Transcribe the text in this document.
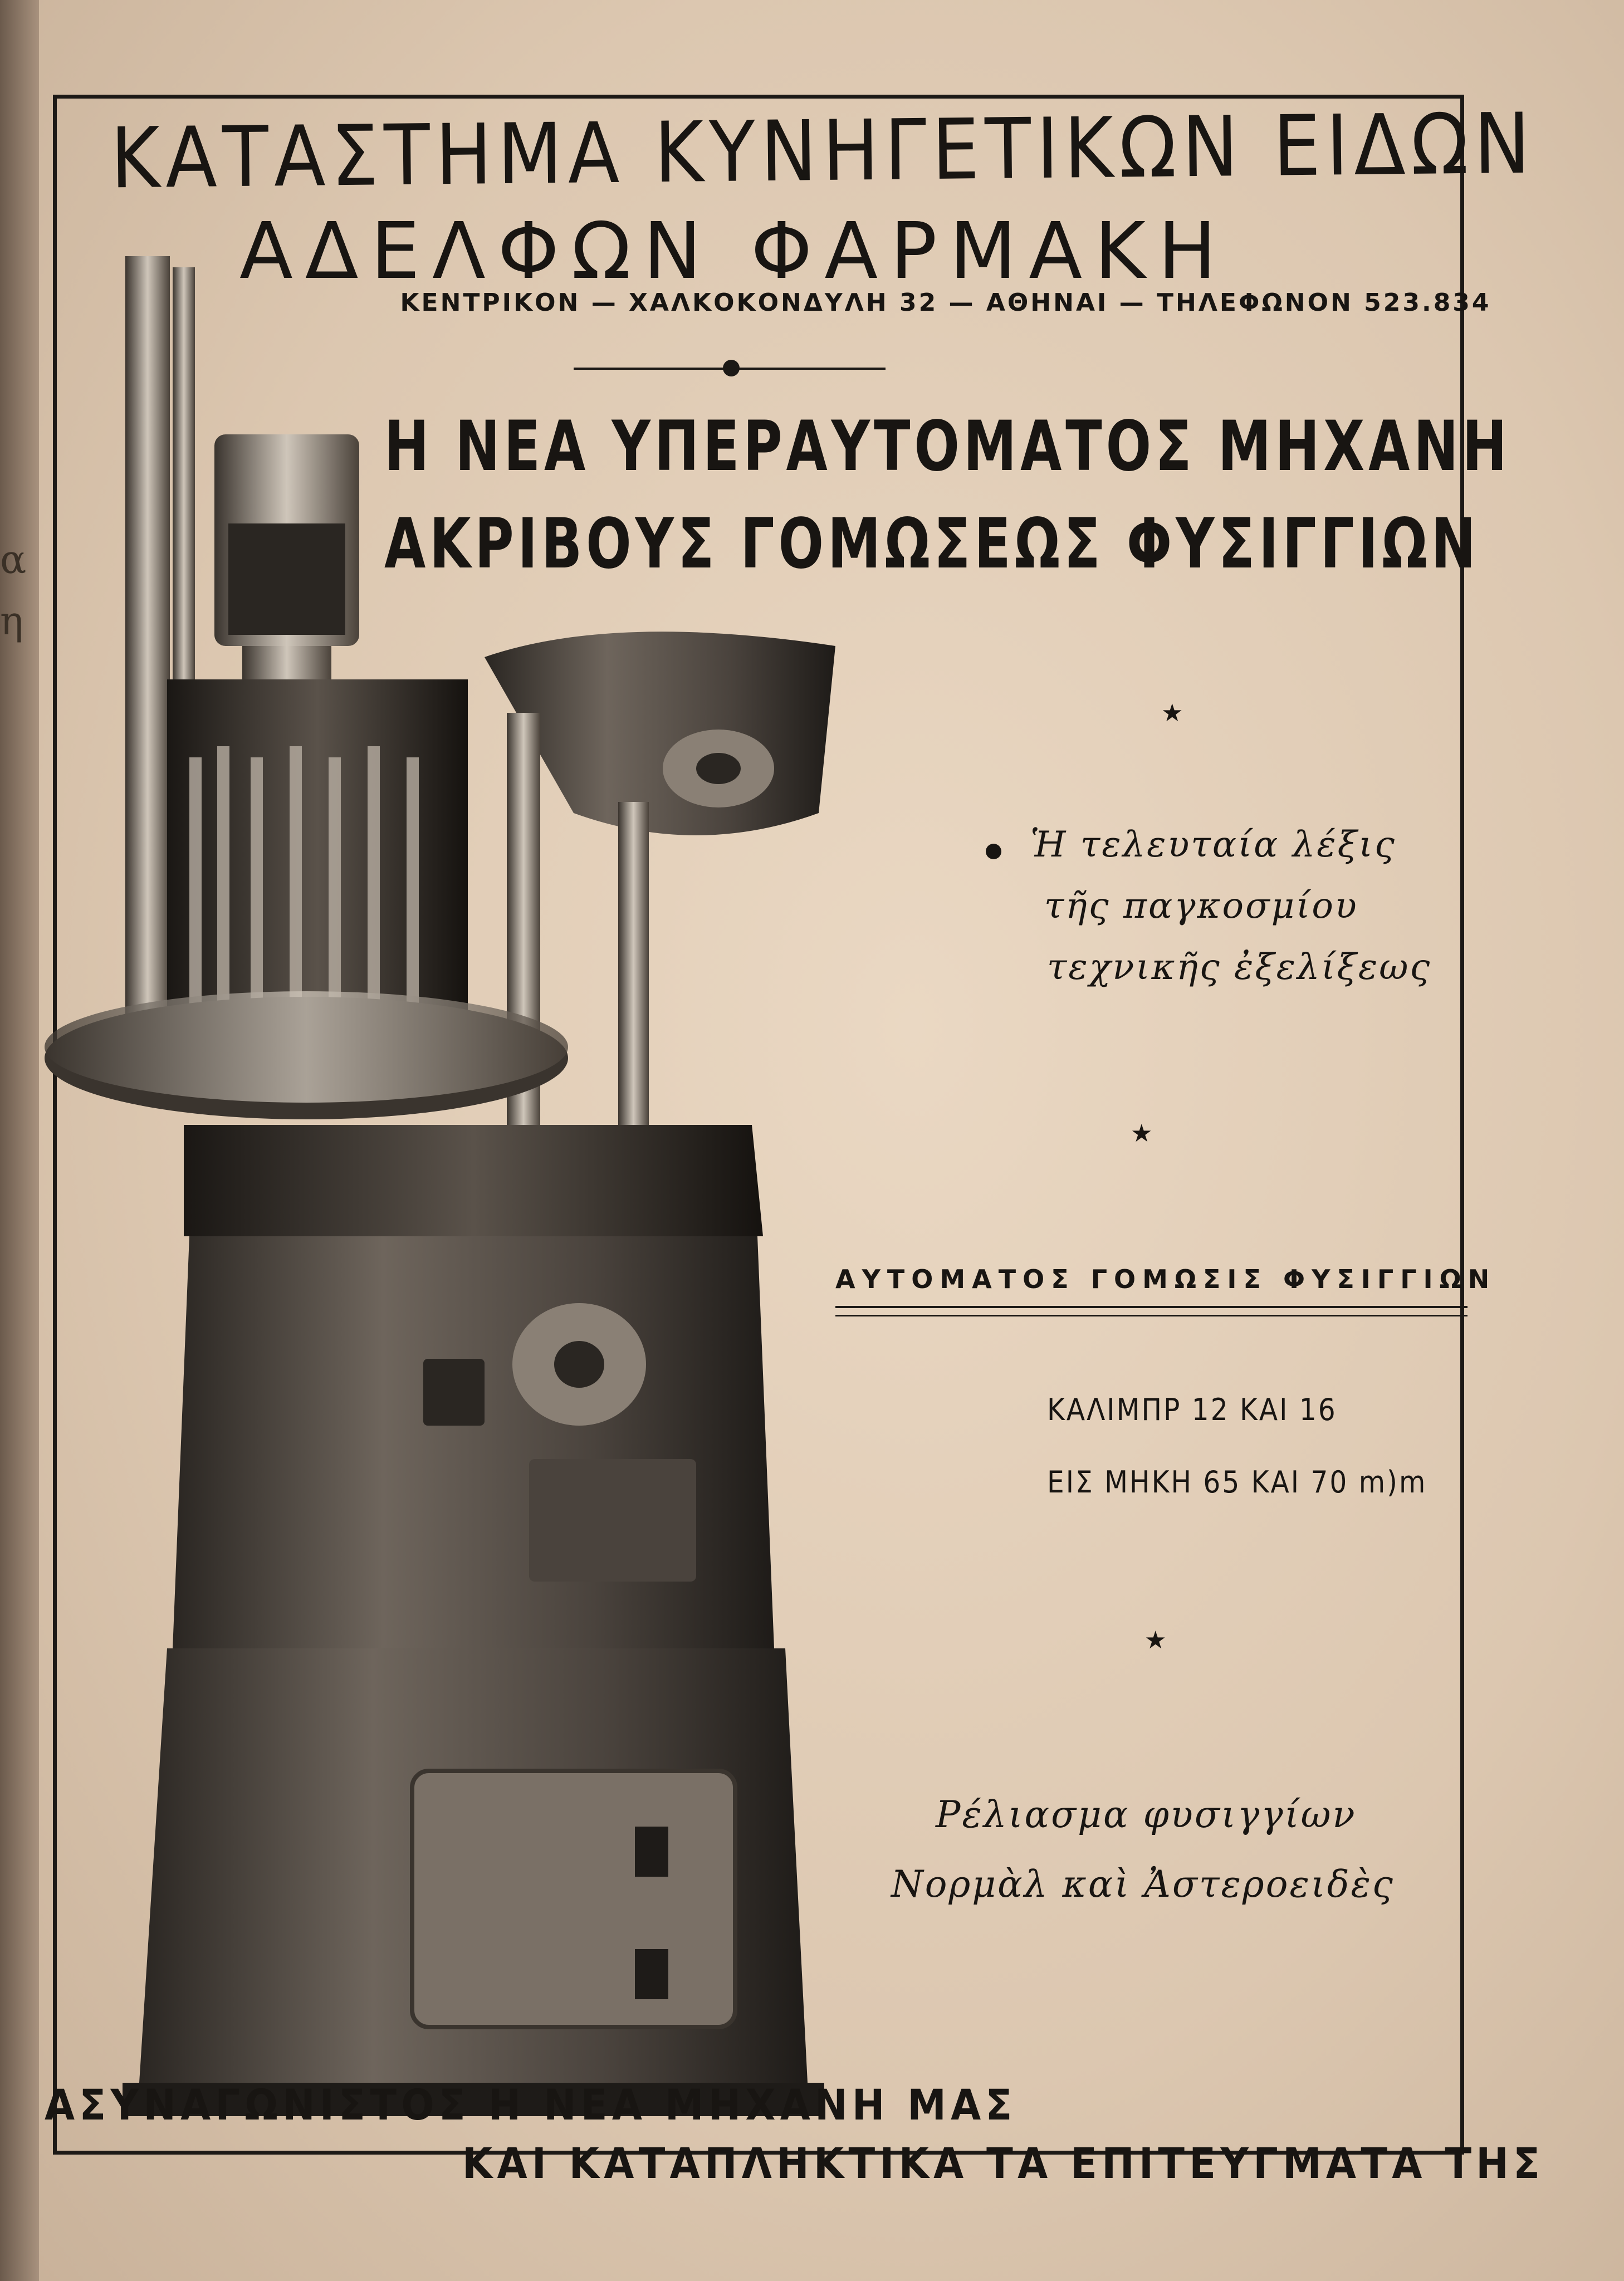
α
η
ΚΑΤΑΣΤΗΜΑ ΚΥΝΗΓΕΤΙΚΩΝ ΕΙΔΩΝ
ΑΔΕΛΦΩΝ ΦΑΡΜΑΚΗ
ΚΕΝΤΡΙΚΟΝ — ΧΑΛΚΟΚΟΝΔΥΛΗ 32 — ΑΘΗΝΑΙ — ΤΗΛΕΦΩΝΟΝ 523.834
Η ΝΕΑ ΥΠΕΡΑΥΤΟΜΑΤΟΣ ΜΗΧΑΝΗ
ΑΚΡΙΒΟΥΣ ΓΟΜΩΣΕΩΣ ΦΥΣΙΓΓΙΩΝ
★
★
★
Ἡ τελευταία λέξις
τῆς παγκοσμίου
τεχνικῆς ἐξελίξεως
ΑΥΤΟΜΑΤΟΣ ΓΟΜΩΣΙΣ ΦΥΣΙΓΓΙΩΝ
ΚΑΛΙΜΠΡ 12 ΚΑΙ 16
ΕΙΣ ΜΗΚΗ 65 ΚΑΙ 70 m)m
Ρέλιασμα φυσιγγίων
Νορμὰλ καὶ Ἀστεροειδὲς
ΑΣΥΝΑΓΩΝΙΣΤΟΣ Η ΝΕΑ ΜΗΧΑΝΗ ΜΑΣ
ΚΑΙ ΚΑΤΑΠΛΗΚΤΙΚΑ ΤΑ ΕΠΙΤΕΥΓΜΑΤΑ ΤΗΣ
